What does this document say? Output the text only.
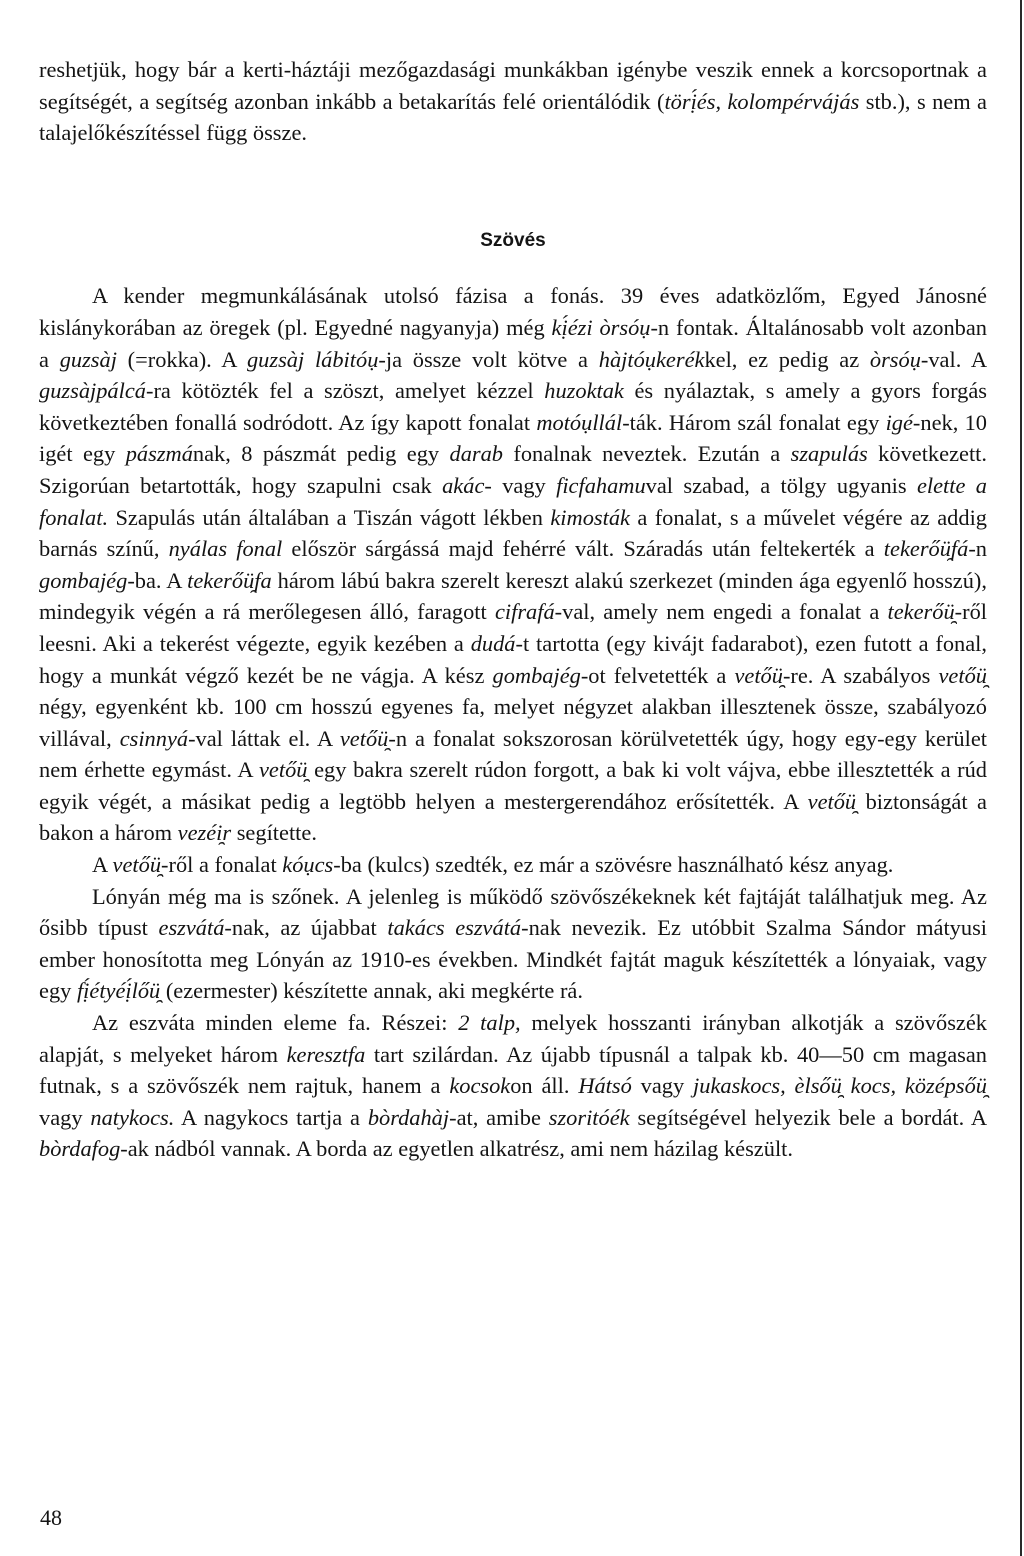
reshetjük, hogy bár a kerti-háztáji mezőgazdasági munkákban igénybe veszik ennek a korcsoportnak a segítségét, a segítség azonban inkább a betakarítás felé orientálódik (törị́és, kolompérvájás stb.), s nem a talajelőkészítéssel függ össze.

Szövés

A kender megmunkálásának utolsó fázisa a fonás. 39 éves adatközlőm, Egyed Jánosné kislánykorában az öregek (pl. Egyedné nagyanyja) még kị́ézi òrsóụ-n fontak. Általánosabb volt azonban a guzsàj (=rokka). A guzsàj lábitóụ-ja össze volt kötve a hàjtóụkerékkel, ez pedig az òrsóụ-val. A guzsàjpálcá-ra kötözték fel a szöszt, amelyet kézzel huzoktak és nyálaztak, s amely a gyors forgás következtében fonallá sodródott. Az így kapott fonalat motóụllál-ták. Három szál fonalat egy igé-nek, 10 igét egy pászmának, 8 pászmát pedig egy darab fonalnak neveztek. Ezután a szapulás következett. Szigorúan betartották, hogy szapulni csak akác- vagy ficfahamuval szabad, a tölgy ugyanis elette a fonalat. Szapulás után általában a Tiszán vágott lékben kimosták a fonalat, s a művelet végére az addig barnás színű, nyálas fonal először sárgássá majd fehérré vált. Száradás után feltekerték a tekerőü̯fá-n gombajég-ba. A tekerőü̯fa három lábú bakra szerelt kereszt alakú szerkezet (minden ága egyenlő hosszú), mindegyik végén a rá merőlegesen álló, faragott cifrafá-val, amely nem engedi a fonalat a tekerőü̯-ről leesni. Aki a tekerést végezte, egyik kezében a dudá-t tartotta (egy kivájt fadarabot), ezen futott a fonal, hogy a munkát végző kezét be ne vágja. A kész gombajég-ot felvetették a vetőü̯-re. A szabályos vetőü̯ négy, egyenként kb. 100 cm hosszú egyenes fa, melyet négyzet alakban illesztenek össze, szabályozó villával, csinnyá-val láttak el. A vetőü̯-n a fonalat sokszorosan körülvetették úgy, hogy egy-egy kerület nem érhette egymást. A vetőü̯ egy bakra szerelt rúdon forgott, a bak ki volt vájva, ebbe illesztették a rúd egyik végét, a másikat pedig a legtöbb helyen a mestergerendához erősítették. A vetőü̯ biztonságát a bakon a három vezéi̯r segítette.

A vetőü̯-ről a fonalat kóụcs-ba (kulcs) szedték, ez már a szövésre használható kész anyag.

Lónyán még ma is szőnek. A jelenleg is működő szövőszékeknek két fajtáját találhatjuk meg. Az ősibb típust eszvátá-nak, az újabbat takács eszvátá-nak nevezik. Ez utóbbit Szalma Sándor mátyusi ember honosította meg Lónyán az 1910-es években. Mindkét fajtát maguk készítették a lónyaiak, vagy egy fị́étyéị́lőü̯ (ezermester) készítette annak, aki megkérte rá.

Az eszváta minden eleme fa. Részei: 2 talp, melyek hosszanti irányban alkotják a szövőszék alapját, s melyeket három keresztfa tart szilárdan. Az újabb típusnál a talpak kb. 40—50 cm magasan futnak, s a szövőszék nem rajtuk, hanem a kocsokon áll. Hátsó vagy jukaskocs, èlsőü̯ kocs, középsőü̯ vagy natykocs. A nagykocs tartja a bòrdahàj-at, amibe szoritóék segítségével helyezik bele a bordát. A bòrdafog-ak nádból vannak. A borda az egyetlen alkatrész, ami nem házilag készült.

48
